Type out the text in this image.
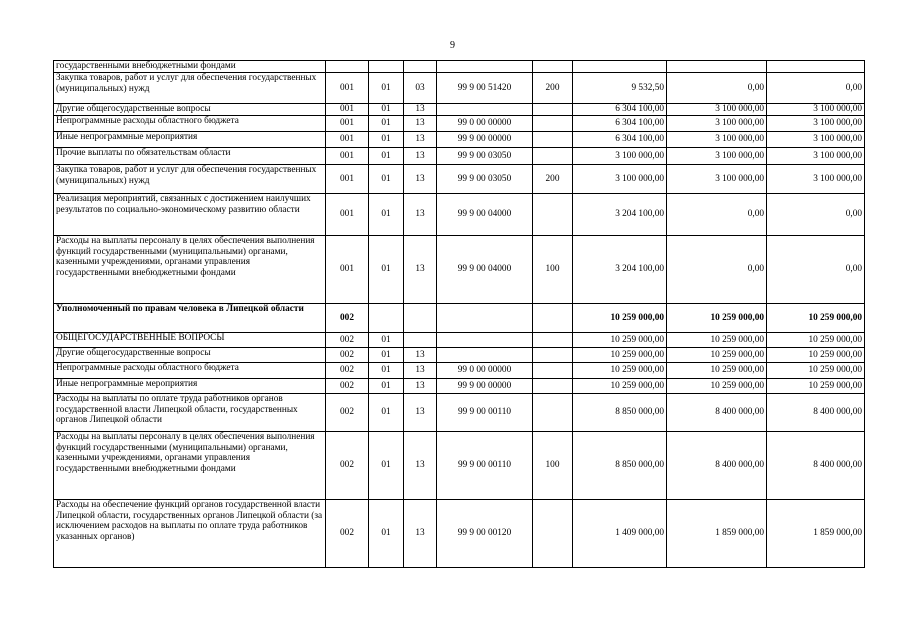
9
государственными внебюджетными фондами								
Закупка товаров, работ и услуг для обеспечения государственных (муниципальных) нужд	001	01	03	99 9 00 51420	200	9 532,50	0,00	0,00
Другие общегосударственные вопросы	001	01	13			6 304 100,00	3 100 000,00	3 100 000,00
Непрограммные расходы областного бюджета	001	01	13	99 0 00 00000		6 304 100,00	3 100 000,00	3 100 000,00
Иные непрограммные мероприятия	001	01	13	99 9 00 00000		6 304 100,00	3 100 000,00	3 100 000,00
Прочие выплаты по обязательствам области	001	01	13	99 9 00 03050		3 100 000,00	3 100 000,00	3 100 000,00
Закупка товаров, работ и услуг для обеспечения государственных (муниципальных) нужд	001	01	13	99 9 00 03050	200	3 100 000,00	3 100 000,00	3 100 000,00
Реализация мероприятий, связанных с достижением наилучших результатов по социально-экономическому развитию области	001	01	13	99 9 00 04000		3 204 100,00	0,00	0,00
Расходы на выплаты персоналу в целях обеспечения выполнения функций государственными (муниципальными) органами, казенными учреждениями, органами управления государственными внебюджетными фондами	001	01	13	99 9 00 04000	100	3 204 100,00	0,00	0,00
Уполномоченный по правам человека в Липецкой области	002					10 259 000,00	10 259 000,00	10 259 000,00
ОБЩЕГОСУДАРСТВЕННЫЕ ВОПРОСЫ	002	01				10 259 000,00	10 259 000,00	10 259 000,00
Другие общегосударственные вопросы	002	01	13			10 259 000,00	10 259 000,00	10 259 000,00
Непрограммные расходы областного бюджета	002	01	13	99 0 00 00000		10 259 000,00	10 259 000,00	10 259 000,00
Иные непрограммные мероприятия	002	01	13	99 9 00 00000		10 259 000,00	10 259 000,00	10 259 000,00
Расходы на выплаты по оплате труда работников органов государственной власти Липецкой области, государственных органов Липецкой области	002	01	13	99 9 00 00110		8 850 000,00	8 400 000,00	8 400 000,00
Расходы на выплаты персоналу в целях обеспечения выполнения функций государственными (муниципальными) органами, казенными учреждениями, органами управления государственными внебюджетными фондами	002	01	13	99 9 00 00110	100	8 850 000,00	8 400 000,00	8 400 000,00
Расходы на обеспечение функций органов государственной власти Липецкой области, государственных органов Липецкой области (за исключением расходов на выплаты по оплате труда работников указанных органов)	002	01	13	99 9 00 00120		1 409 000,00	1 859 000,00	1 859 000,00
